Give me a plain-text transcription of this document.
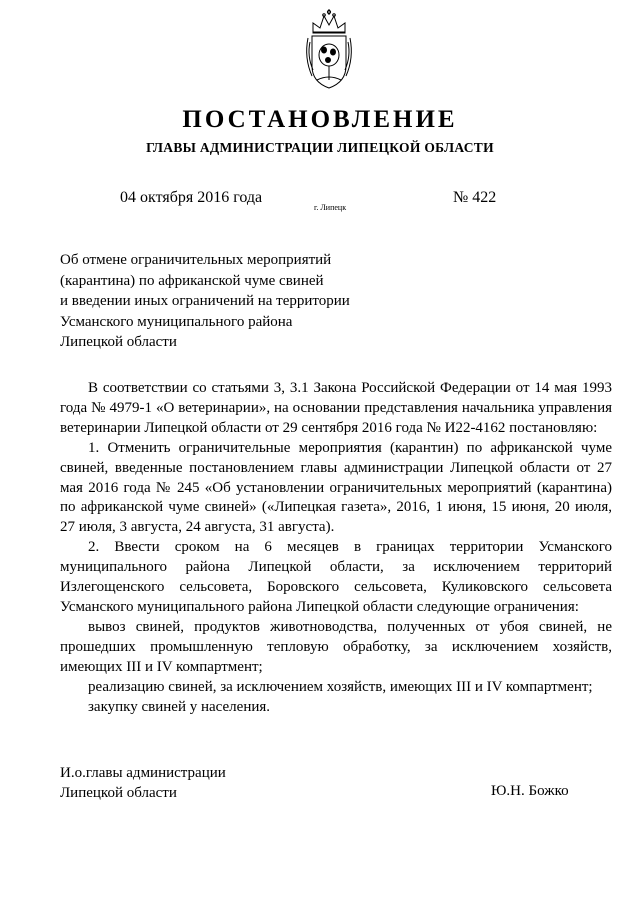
ПОСТАНОВЛЕНИЕ
ГЛАВЫ АДМИНИСТРАЦИИ ЛИПЕЦКОЙ ОБЛАСТИ
04 октября 2016 года
г. Липецк
№ 422
Об отмене ограничительных мероприятий
(карантина) по африканской чуме свиней
и введении иных ограничений на территории
Усманского муниципального района
Липецкой области

В соответствии со статьями 3, 3.1 Закона Российской Федерации от 14 мая 1993 года № 4979-1 «О ветеринарии», на основании представления начальника управления ветеринарии Липецкой области от 29 сентября 2016 года № И22-4162 постановляю:

1. Отменить ограничительные мероприятия (карантин) по африканской чуме свиней, введенные постановлением главы администрации Липецкой области от 27 мая 2016 года № 245 «Об установлении ограничительных мероприятий (карантина) по африканской чуме свиней» («Липецкая газета», 2016, 1 июня, 15 июня, 20 июля, 27 июля, 3 августа, 24 августа, 31 августа).

2. Ввести сроком на 6 месяцев в границах территории Усманского муниципального района Липецкой области, за исключением территорий Излегощенского сельсовета, Боровского сельсовета, Куликовского сельсовета Усманского муниципального района Липецкой области следующие ограничения:

вывоз свиней, продуктов животноводства, полученных от убоя свиней, не прошедших промышленную тепловую обработку, за исключением хозяйств, имеющих III и IV компартмент;

реализацию свиней, за исключением хозяйств, имеющих III и IV компартмент;

закупку свиней у населения.

И.о.главы администрации
Липецкой области	Ю.Н. Божко
